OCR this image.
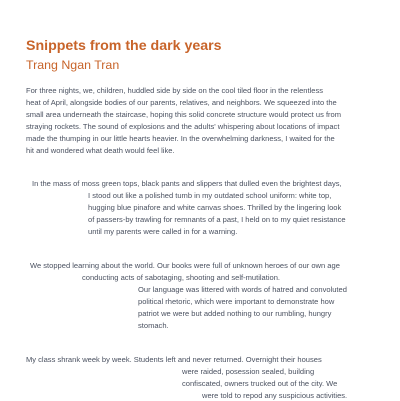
Snippets from the dark years
Trang Ngan Tran
For three nights, we, children, huddled side by side on the cool tiled floor in the relentless
heat of April, alongside bodies of our parents, relatives, and neighbors. We squeezed into the
small area underneath the staircase, hoping this solid concrete structure would protect us from
straying rockets. The sound of explosions and the adults' whispering about locations of impact
made the thumping in our little hearts heavier. In the overwhelming darkness, I waited for the
hit and wondered what death would feel like.
In the mass of moss green tops, black pants and slippers that dulled even the brightest days,
I stood out like a polished tumb in my outdated school uniform: white top,
hugging blue pinafore and white canvas shoes. Thrilled by the lingering look
of passers-by trawling for remnants of a past, I held on to my quiet resistance
until my parents were called in for a warning.
We stopped learning about the world. Our books were full of unknown heroes of our own age
conducting acts of sabotaging, shooting and self-mutilation.
Our language was littered with words of hatred and convoluted
political rhetoric, which were important to demonstrate how
patriot we were but added nothing to our rumbling, hungry
stomach.
My class shrank week by week. Students left and never returned. Overnight their houses
were raided, posession sealed, building
confiscated, owners trucked out of the city. We
were told to repod any suspicious activities.
